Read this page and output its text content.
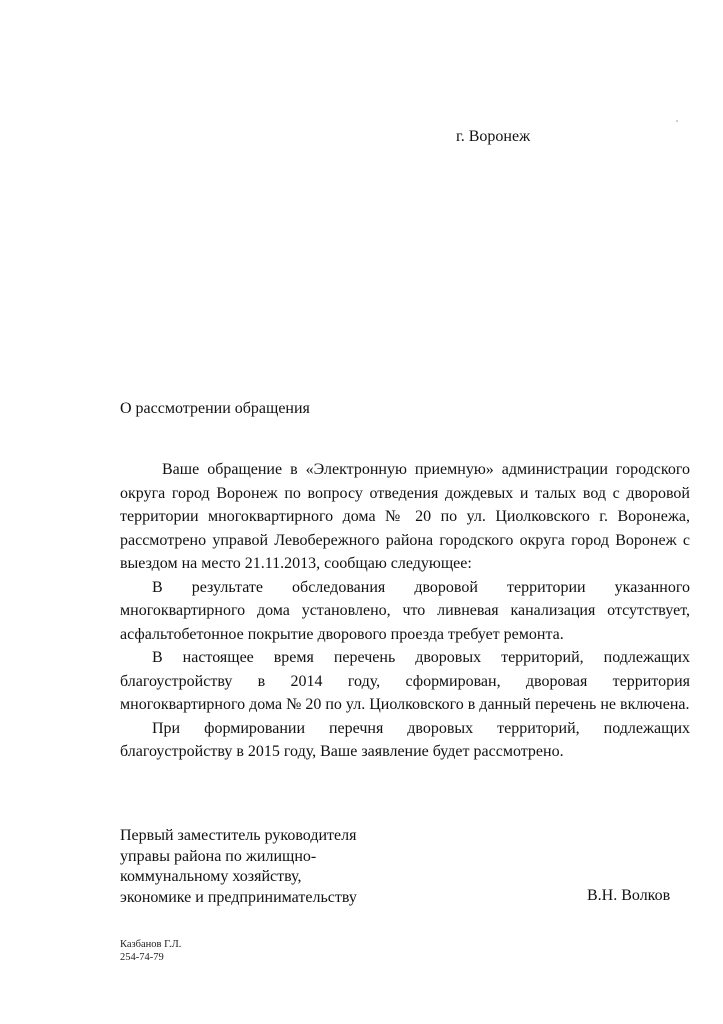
г. Воронеж
О рассмотрении обращения

Ваше обращение в «Электронную приемную» администрации городского округа город Воронеж по вопросу отведения дождевых и талых вод с дворовой территории многоквартирного дома № 20 по ул. Циолковского г. Воронежа, рассмотрено управой Левобережного района городского округа город Воронеж с выездом на место 21.11.2013, сообщаю следующее:

В результате обследования дворовой территории указанного многоквартирного дома установлено, что ливневая канализация отсутствует, асфальтобетонное покрытие дворового проезда требует ремонта.

В настоящее время перечень дворовых территорий, подлежащих благоустройству в 2014 году, сформирован, дворовая территория многоквартирного дома № 20 по ул. Циолковского в данный перечень не включена.

При формировании перечня дворовых территорий, подлежащих благоустройству в 2015 году, Ваше заявление будет рассмотрено.

Первый заместитель руководителя
управы района по жилищно-
коммунальному хозяйству,
экономике и предпринимательству	В.Н. Волков
Казбанов Г.Л.
254-74-79
